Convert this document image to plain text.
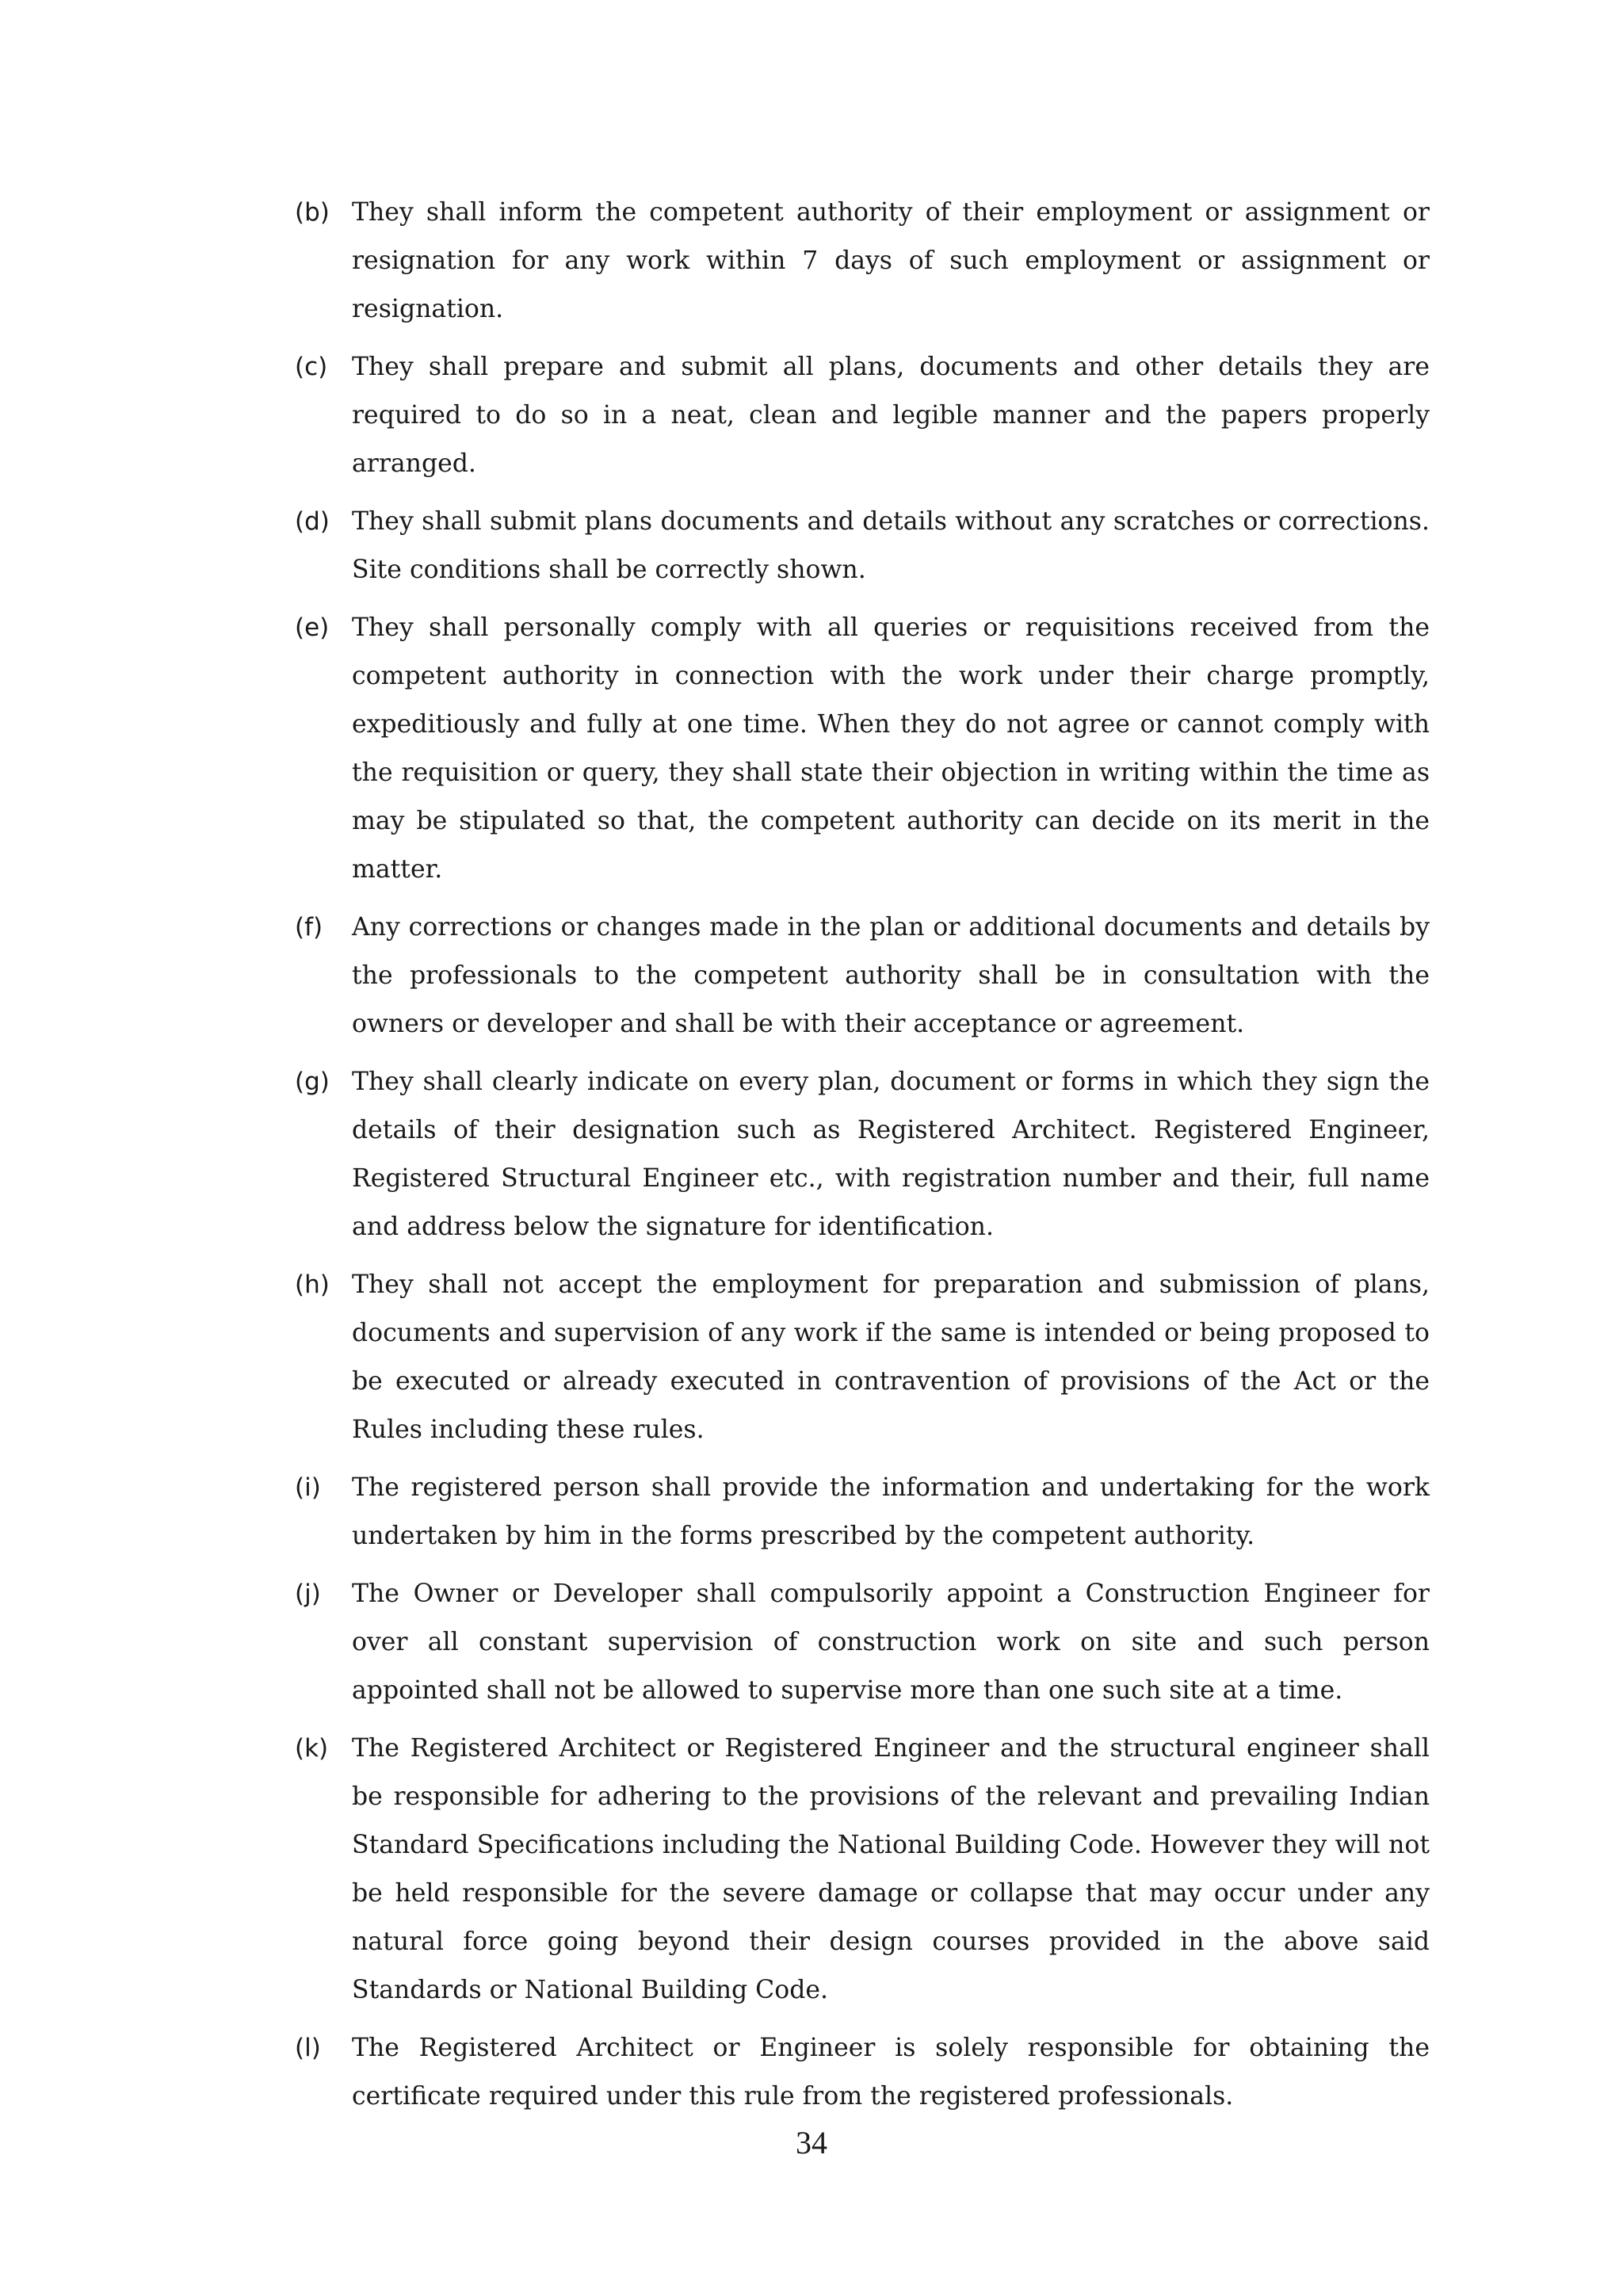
(b) They shall inform the competent authority of their employment or assignment or resignation for any work within 7 days of such employment or assignment or resignation.
(c) They shall prepare and submit all plans, documents and other details they are required to do so in a neat, clean and legible manner and the papers properly arranged.
(d) They shall submit plans documents and details without any scratches or corrections. Site conditions shall be correctly shown.
(e) They shall personally comply with all queries or requisitions received from the competent authority in connection with the work under their charge promptly, expeditiously and fully at one time. When they do not agree or cannot comply with the requisition or query, they shall state their objection in writing within the time as may be stipulated so that, the competent authority can decide on its merit in the matter.
(f)	Any corrections or changes made in the plan or additional documents and details by the professionals to the competent authority shall be in consultation with the owners or developer and shall be with their acceptance or agreement.
(g) They shall clearly indicate on every plan, document or forms in which they sign the details of their designation such as Registered Architect. Registered Engineer, Registered Structural Engineer etc., with registration number and their, full name and address below the signature for identification.
(h) They shall not accept the employment for preparation and submission of plans, documents and supervision of any work if the same is intended or being proposed to be executed or already executed in contravention of provisions of the Act or the Rules including these rules.
(i)	The registered person shall provide the information and undertaking for the work undertaken by him in the forms prescribed by the competent authority.
(j)	The Owner or Developer shall compulsorily appoint a Construction Engineer for over all constant supervision of construction work on site and such person appointed shall not be allowed to supervise more than one such site at a time.
(k) The Registered Architect or Registered Engineer and the structural engineer shall be responsible for adhering to the provisions of the relevant and prevailing Indian Standard Specifications including the National Building Code. However they will not be held responsible for the severe damage or collapse that may occur under any natural force going beyond their design courses provided in the above said Standards or National Building Code.
(l)	The Registered Architect or Engineer is solely responsible for obtaining the certificate required under this rule from the registered professionals.
34
